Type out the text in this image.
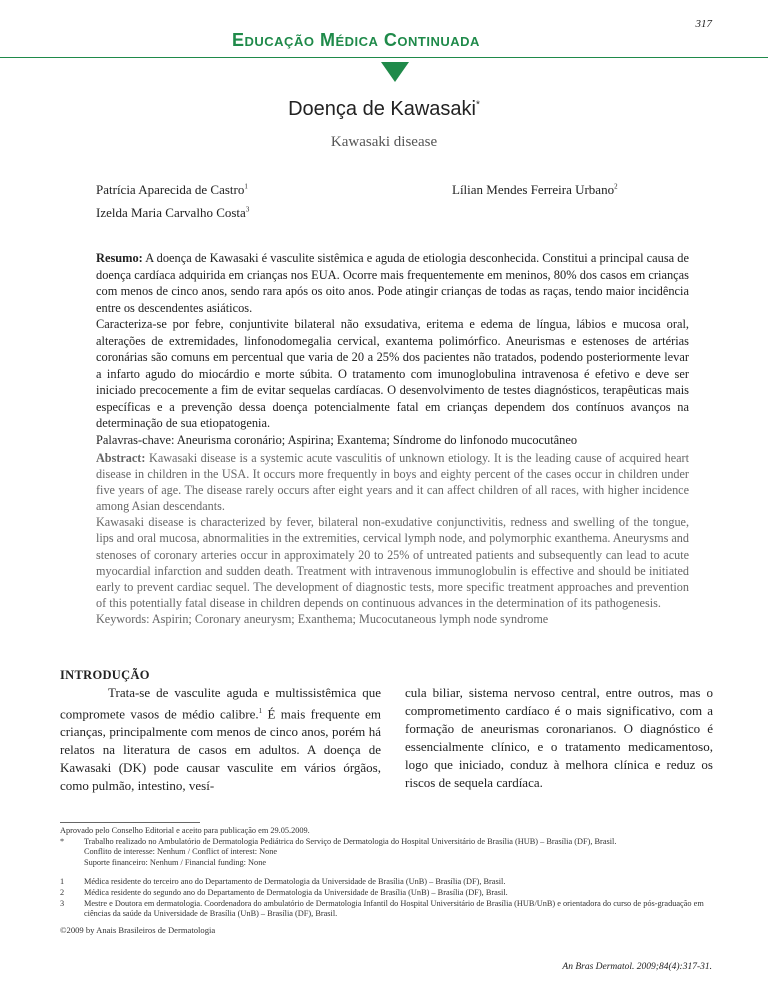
317
Educação Médica Continuada
Doença de Kawasaki*
Kawasaki disease
Patrícia Aparecida de Castro$^1$
Izelda Maria Carvalho Costa$^3$
Lílian Mendes Ferreira Urbano$^2$

Resumo: A doença de Kawasaki é vasculite sistêmica e aguda de etiologia desconhecida. Constitui a principal causa de doença cardíaca adquirida em crianças nos EUA. Ocorre mais frequentemente em meninos, 80% dos casos em crianças com menos de cinco anos, sendo rara após os oito anos. Pode atingir crianças de todas as raças, tendo maior incidência entre os descendentes asiáticos.

Caracteriza-se por febre, conjuntivite bilateral não exsudativa, eritema e edema de língua, lábios e mucosa oral, alterações de extremidades, linfonodomegalia cervical, exantema polimórfico. Aneurismas e estenoses de artérias coronárias são comuns em percentual que varia de 20 a 25% dos pacientes não tratados, podendo posteriormente levar a infarto agudo do miocárdio e morte súbita. O tratamento com imunoglobulina intravenosa é efetivo e deve ser iniciado precocemente a fim de evitar sequelas cardíacas. O desenvolvimento de testes diagnósticos, terapêuticas mais específicas e a prevenção dessa doença potencialmente fatal em crianças dependem dos contínuos avanços na determinação de sua etiopatogenia.

Palavras-chave: Aneurisma coronário; Aspirina; Exantema; Síndrome do linfonodo mucocutâneo

Abstract: Kawasaki disease is a systemic acute vasculitis of unknown etiology. It is the leading cause of acquired heart disease in children in the USA. It occurs more frequently in boys and eighty percent of the cases occur in children under five years of age. The disease rarely occurs after eight years and it can affect children of all races, with higher incidence among Asian descendants.

Kawasaki disease is characterized by fever, bilateral non-exudative conjunctivitis, redness and swelling of the tongue, lips and oral mucosa, abnormalities in the extremities, cervical lymph node, and polymorphic exanthema. Aneurysms and stenoses of coronary arteries occur in approximately 20 to 25% of untreated patients and subsequently can lead to acute myocardial infarction and sudden death. Treatment with intravenous immunoglobulin is effective and should be initiated early to prevent cardiac sequel. The development of diagnostic tests, more specific treatment approaches and prevention of this potentially fatal disease in children depends on continuous advances in the determination of its pathogenesis.

Keywords: Aspirin; Coronary aneurysm; Exanthema; Mucocutaneous lymph node syndrome

INTRODUÇÃO

Trata-se de vasculite aguda e multissistêmica que compromete vasos de médio calibre.$^1$ É mais frequente em crianças, principalmente com menos de cinco anos, porém há relatos na literatura de casos em adultos. A doença de Kawasaki (DK) pode causar vasculite em vários órgãos, como pulmão, intestino, vesí-

cula biliar, sistema nervoso central, entre outros, mas o comprometimento cardíaco é o mais significativo, com a formação de aneurismas coronarianos. O diagnóstico é essencialmente clínico, e o tratamento medicamentoso, logo que iniciado, conduz à melhora clínica e reduz os riscos de sequela cardíaca.

Aprovado pelo Conselho Editorial e aceito para publicação em 29.05.2009.
*	Trabalho realizado no Ambulatório de Dermatologia Pediátrica do Serviço de Dermatologia do Hospital Universitário de Brasília (HUB) – Brasília (DF), Brasil.
Conflito de interesse: Nenhum / Conflict of interest: None
Suporte financeiro: Nenhum / Financial funding: None
1	Médica residente do terceiro ano do Departamento de Dermatologia da Universidade de Brasília (UnB) – Brasília (DF), Brasil.
2	Médica residente do segundo ano do Departamento de Dermatologia da Universidade de Brasília (UnB) – Brasília (DF), Brasil.
3	Mestre e Doutora em dermatologia. Coordenadora do ambulatório de Dermatologia Infantil do Hospital Universitário de Brasília (HUB/UnB) e orientadora do curso de pós-graduação em ciências da saúde da Universidade de Brasília (UnB) – Brasília (DF), Brasil.
©2009 by Anais Brasileiros de Dermatologia
An Bras Dermatol. 2009;84(4):317-31.
